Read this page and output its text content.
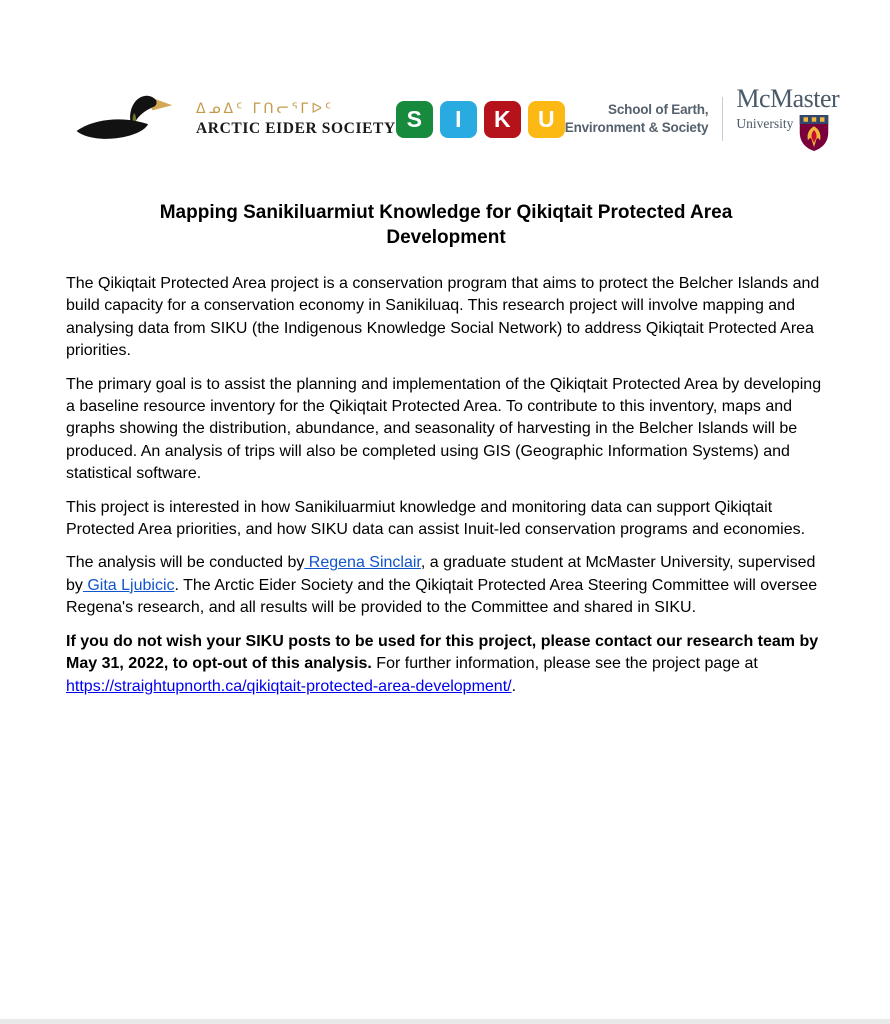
ᐃᓄᐃᑦ ᒥᑎᓕᕐᒥᐅᑦ
ARCTIC EIDER SOCIETY S	I	K	U	School of Earth,
Environment & Society
McMaster
University
Mapping Sanikiluarmiut Knowledge for Qikiqtait Protected Area Development

The Qikiqtait Protected Area project is a conservation program that aims to protect the Belcher Islands and build capacity for a conservation economy in Sanikiluaq. This research project will involve mapping and analysing data from SIKU (the Indigenous Knowledge Social Network) to address Qikiqtait Protected Area priorities.

The primary goal is to assist the planning and implementation of the Qikiqtait Protected Area by developing a baseline resource inventory for the Qikiqtait Protected Area. To contribute to this inventory, maps and graphs showing the distribution, abundance, and seasonality of harvesting in the Belcher Islands will be produced. An analysis of trips will also be completed using GIS (Geographic Information Systems) and statistical software.

This project is interested in how Sanikiluarmiut knowledge and monitoring data can support Qikiqtait Protected Area priorities, and how SIKU data can assist Inuit-led conservation programs and economies.

The analysis will be conducted by Regena Sinclair, a graduate student at McMaster University, supervised by Gita Ljubicic. The Arctic Eider Society and the Qikiqtait Protected Area Steering Committee will oversee Regena's research, and all results will be provided to the Committee and shared in SIKU.

If you do not wish your SIKU posts to be used for this project, please contact our research team by May 31, 2022, to opt-out of this analysis. For further information, please see the project page at https://straightupnorth.ca/qikiqtait-protected-area-development/.
